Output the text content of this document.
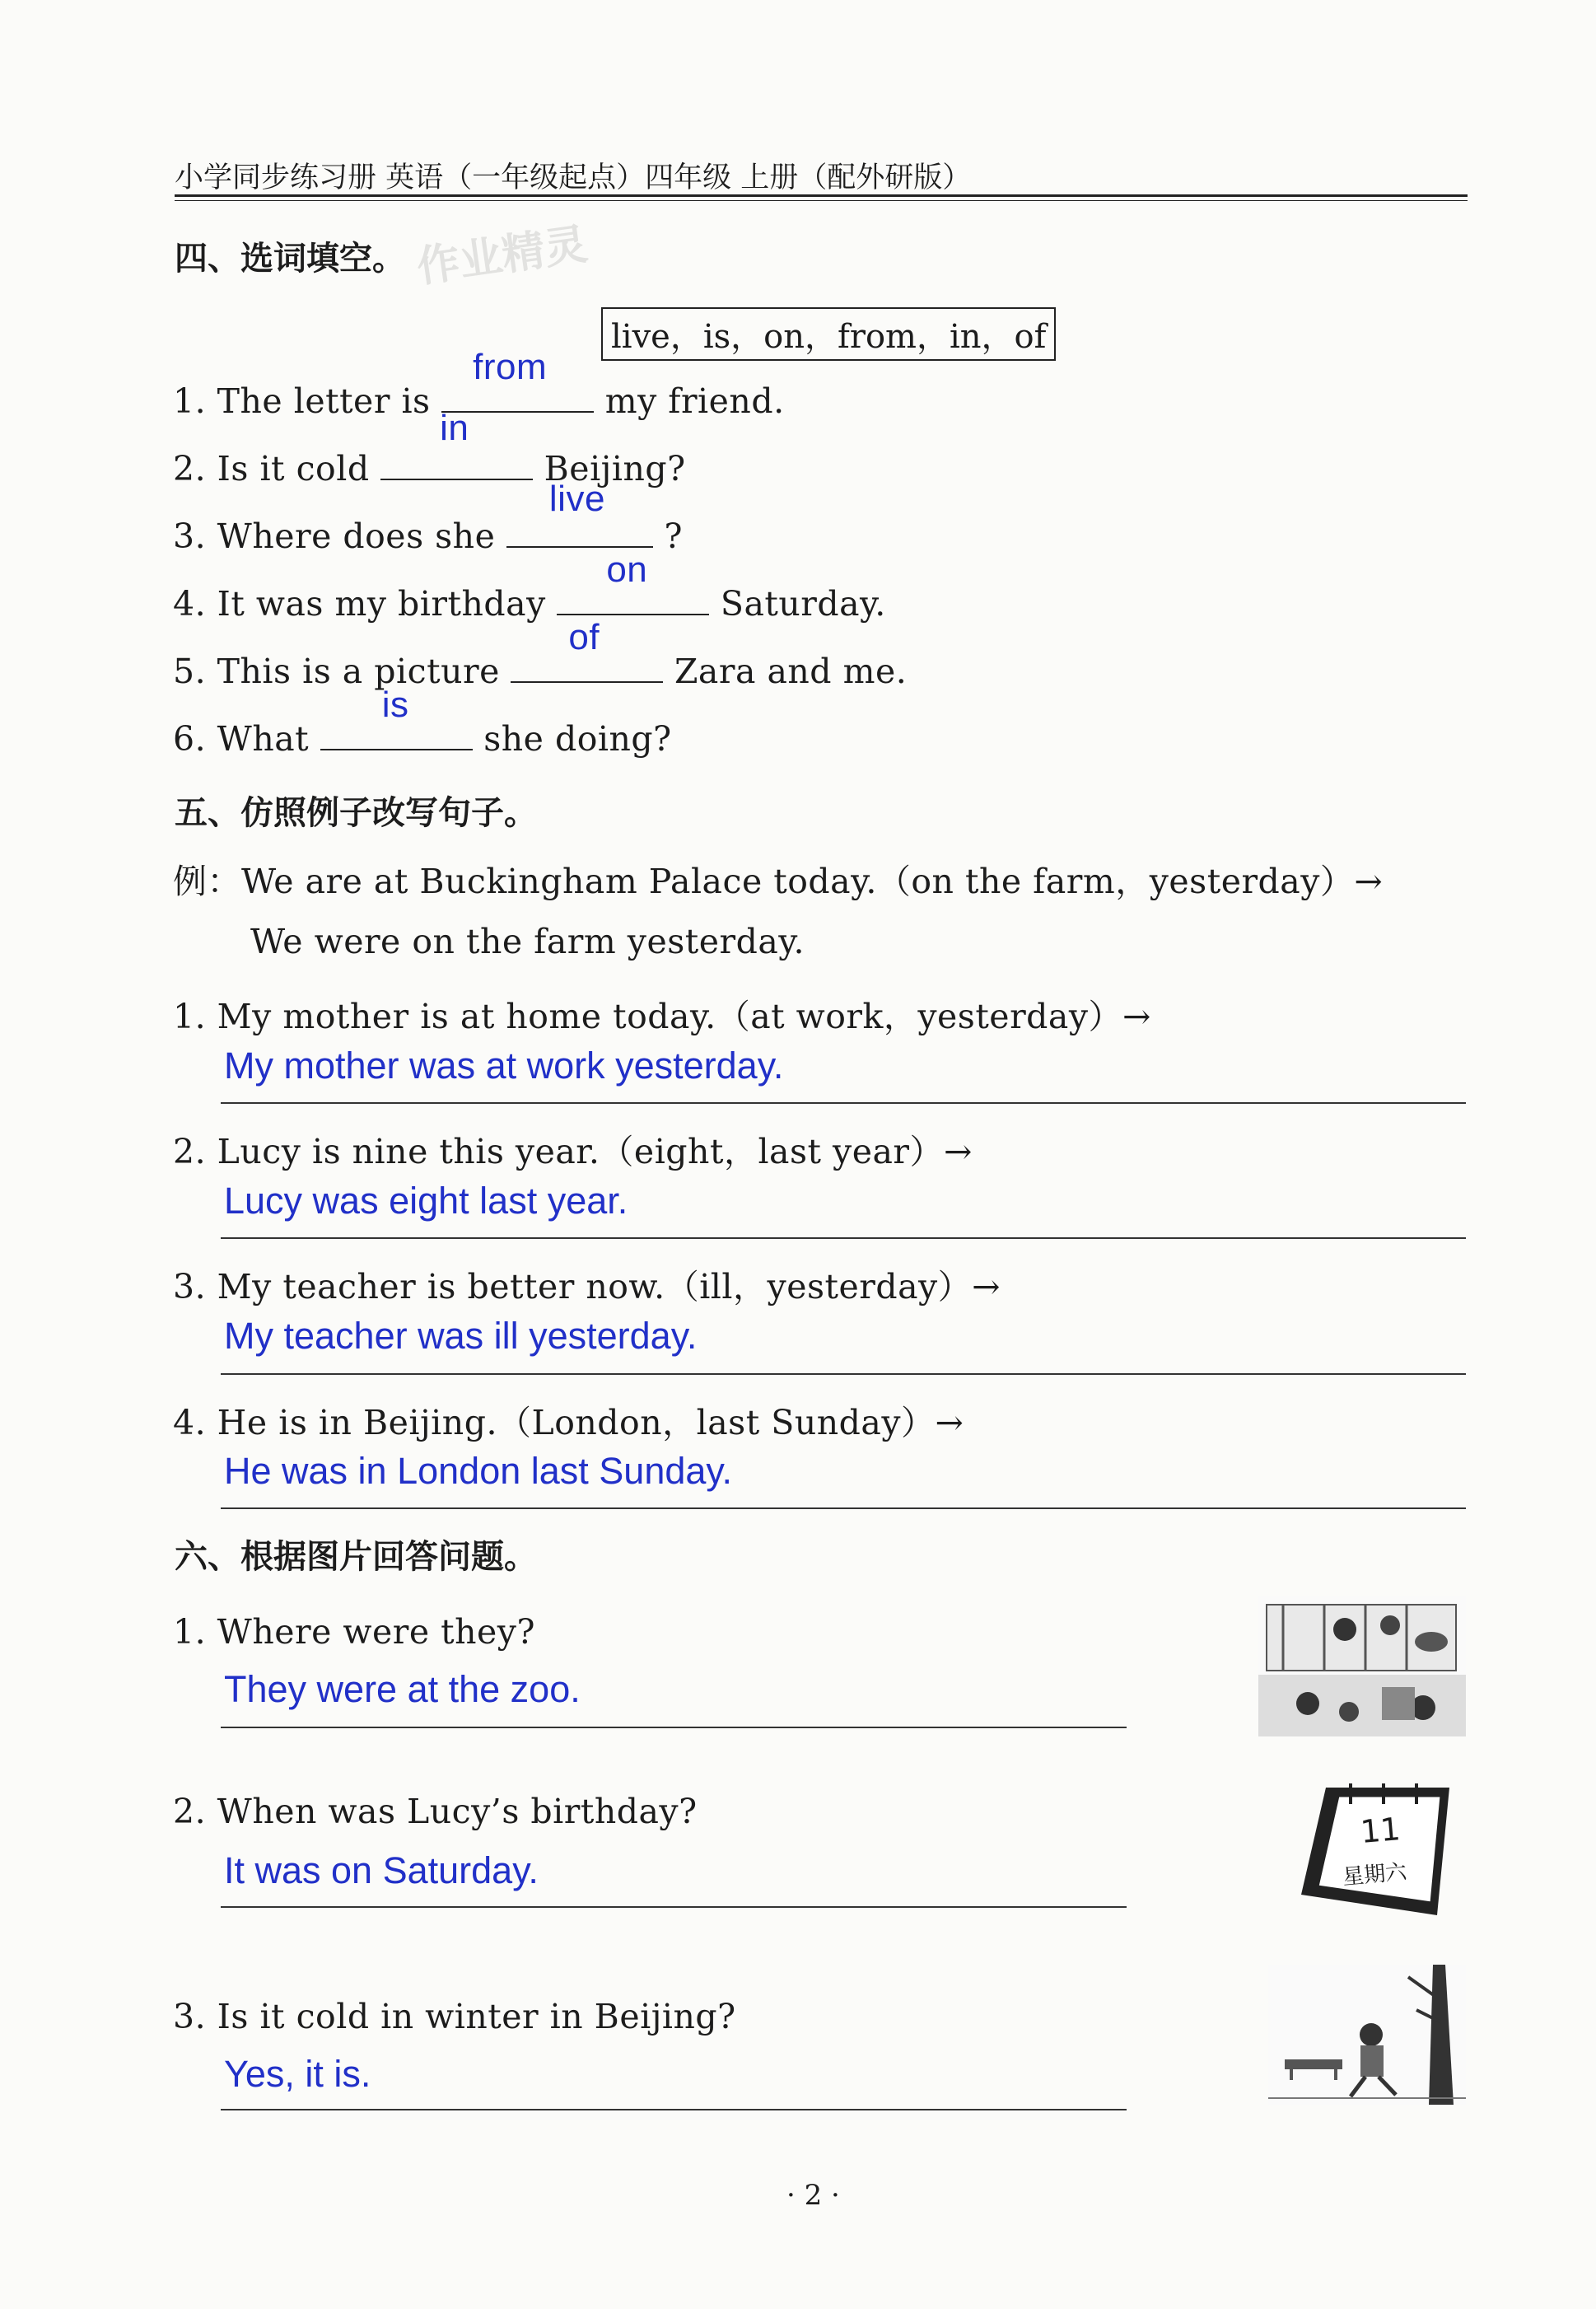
小学同步练习册 英语（一年级起点）四年级 上册（配外研版）
四、选词填空。 作业精灵
live，is，on，from，in，of
1. The letter is
from
my friend.
2. Is it cold
in
Beijing?
3. Where does she
live
?
4. It was my birthday
on
Saturday.
5. This is a picture
of
Zara and me.
6. What
is
she doing?
五、仿照例子改写句子。
例：We are at Buckingham Palace today.（on the farm，yesterday）→
We were on the farm yesterday.
1. My mother is at home today.（at work，yesterday）→
My mother was at work yesterday.
2. Lucy is nine this year.（eight，last year）→
Lucy was eight last year.
3. My teacher is better now.（ill，yesterday）→
My teacher was ill yesterday.
4. He is in Beijing.（London，last Sunday）→
He was in London last Sunday.
六、根据图片回答问题。
1. Where were they?
They were at the zoo.
2. When was Lucy’s birthday?
It was on Saturday.
3. Is it cold in winter in Beijing?
Yes, it is.
11
星期六
· 2 ·
